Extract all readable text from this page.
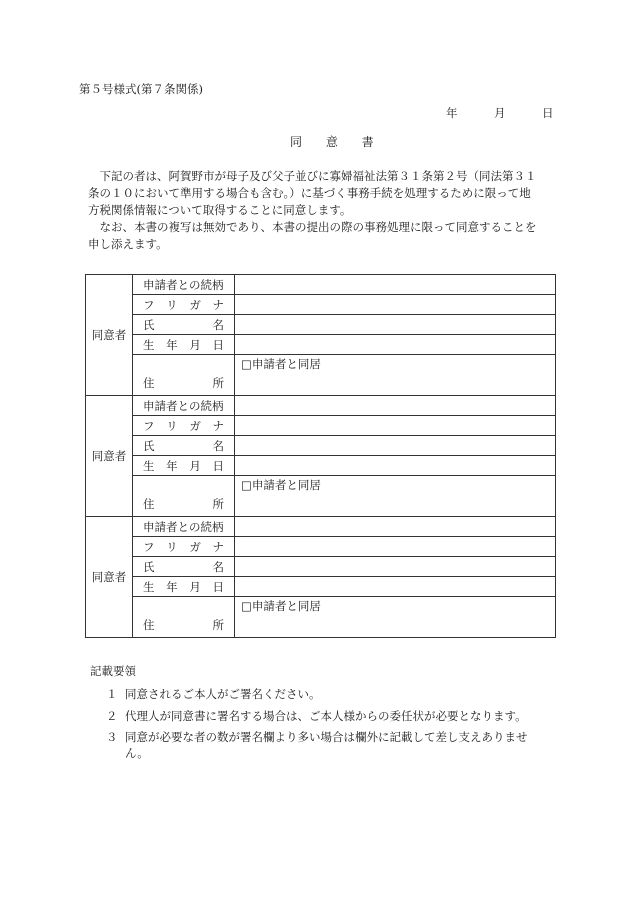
第５号様式(第７条関係)
年	月	日
同 意 書

　下記の者は、阿賀野市が母子及び父子並びに寡婦福祉法第３１条第２号（同法第３１

条の１０において準用する場合も含む。）に基づく事務手続を処理するために限って地

方税関係情報について取得することに同意します。

　なお、本書の複写は無効であり、本書の提出の際の事務処理に限って同意することを

申し添えます。

同意者	申請者との続柄	
	フ リ ガ ナ	
	氏 名	
	生 年 月 日	
	住 所	□申請者と同居
同意者	申請者との続柄	
	フ リ ガ ナ	
	氏 名	
	生 年 月 日	
	住 所	□申請者と同居
同意者	申請者との続柄	
	フ リ ガ ナ	
	氏 名	
	生 年 月 日	
	住 所	□申請者と同居
記載要領
１ 同意されるご本人がご署名ください。
２ 代理人が同意書に署名する場合は、ご本人様からの委任状が必要となります。
３ 同意が必要な者の数が署名欄より多い場合は欄外に記載して差し支えありませ
ん。
